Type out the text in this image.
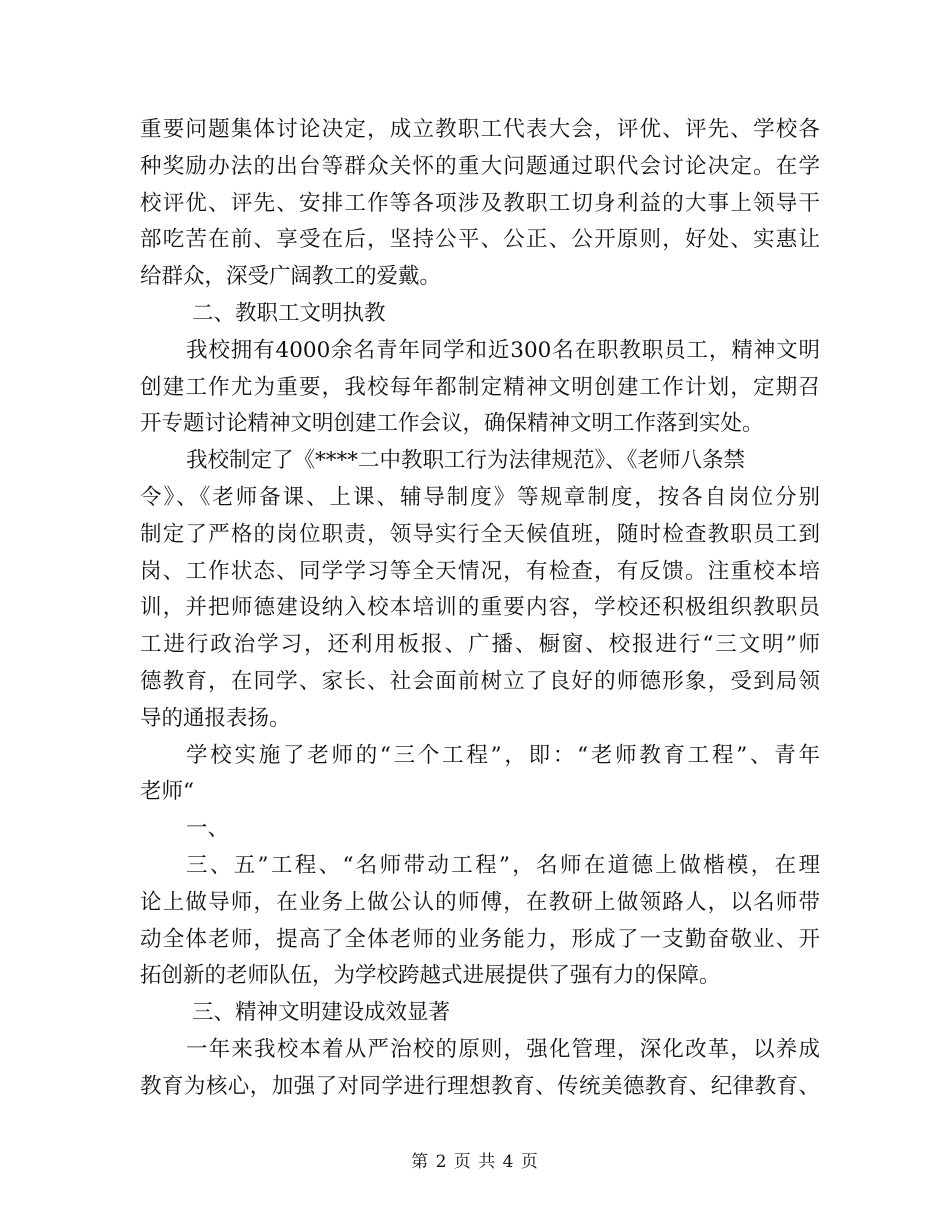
重要问题集体讨论决定，成立教职工代表大会，评优、评先、学校各
种奖励办法的出台等群众关怀的重大问题通过职代会讨论决定。在学
校评优、评先、安排工作等各项涉及教职工切身利益的大事上领导干
部吃苦在前、享受在后，坚持公平、公正、公开原则，好处、实惠让
给群众，深受广阔教工的爱戴。
二、教职工文明执教
我校拥有4000余名青年同学和近300名在职教职员工，精神文明
创建工作尤为重要，我校每年都制定精神文明创建工作计划，定期召
开专题讨论精神文明创建工作会议，确保精神文明工作落到实处。
我校制定了《****二中教职工行为法律规范》、《老师八条禁
令》、《老师备课、上课、辅导制度》等规章制度，按各自岗位分别
制定了严格的岗位职责，领导实行全天候值班，随时检查教职员工到
岗、工作状态、同学学习等全天情况，有检查，有反馈。注重校本培
训，并把师德建设纳入校本培训的重要内容，学校还积极组织教职员
工进行政治学习，还利用板报、广播、橱窗、校报进行“三文明”师
德教育，在同学、家长、社会面前树立了良好的师德形象，受到局领
导的通报表扬。
学校实施了老师的“三个工程”，即：“老师教育工程”、青年
老师“
一、
三、五”工程、“名师带动工程”，名师在道德上做楷模，在理
论上做导师，在业务上做公认的师傅，在教研上做领路人，以名师带
动全体老师，提高了全体老师的业务能力，形成了一支勤奋敬业、开
拓创新的老师队伍，为学校跨越式进展提供了强有力的保障。
三、精神文明建设成效显著
一年来我校本着从严治校的原则，强化管理，深化改革，以养成
教育为核心，加强了对同学进行理想教育、传统美德教育、纪律教育、
第 2 页 共 4 页
